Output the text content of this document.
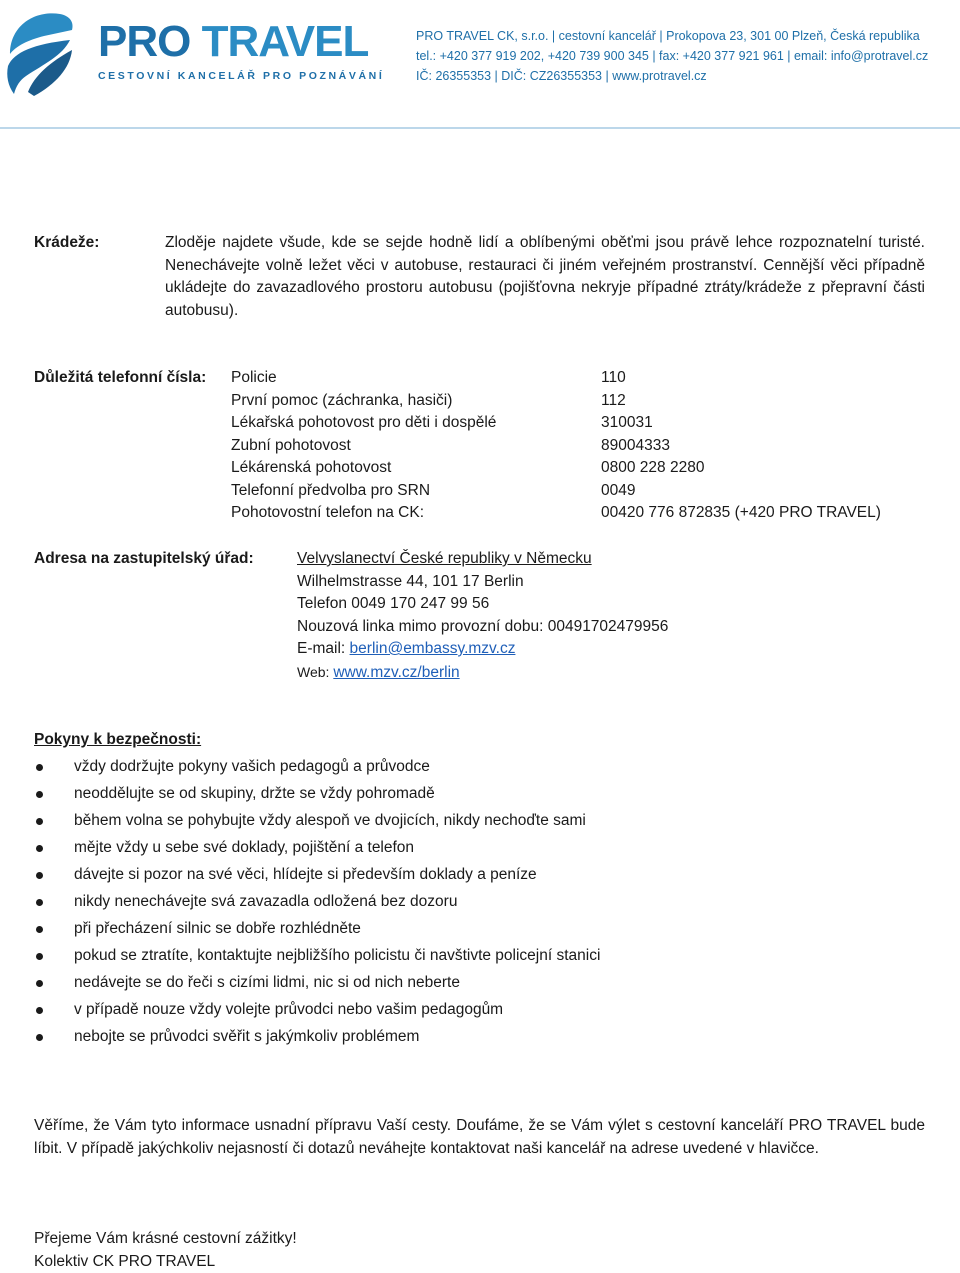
PRO TRAVEL
CESTOVNÍ KANCELÁŘ PRO POZNÁVÁNÍ
PRO TRAVEL CK, s.r.o. | cestovní kancelář | Prokopova 23, 301 00 Plzeň, Česká republika
tel.: +420 377 919 202, +420 739 900 345 | fax: +420 377 921 961 | email: info@protravel.cz
IČ: 26355353 | DIČ: CZ26355353 | www.protravel.cz
Krádeže:	Zloděje najdete všude, kde se sejde hodně lidí a oblíbenými oběťmi jsou právě lehce rozpoznatelní turisté. Nenechávejte volně ležet věci v autobuse, restauraci či jiném veřejném prostranství. Cennější věci případně ukládejte do zavazadlového prostoru autobusu (pojišťovna nekryje případné ztráty/krádeže z přepravní části autobusu).
Důležitá telefonní čísla: Policie	110
První pomoc (záchranka, hasiči)	112
Lékařská pohotovost pro děti i dospělé	310031
Zubní pohotovost	89004333
Lékárenská pohotovost	0800 228 2280
Telefonní předvolba pro SRN	0049
Pohotovostní telefon na CK:	00420 776 872835 (+420 PRO TRAVEL)
Adresa na zastupitelský úřad:	Velvyslanectví České republiky v Německu
Wilhelmstrasse 44, 101 17 Berlin
Telefon 0049 170 247 99 56
Nouzová linka mimo provozní dobu: 00491702479956
E-mail: berlin@embassy.mzv.cz
Web: www.mzv.cz/berlin
Pokyny k bezpečnosti:
vždy dodržujte pokyny vašich pedagogů a průvodce
neoddělujte se od skupiny, držte se vždy pohromadě
během volna se pohybujte vždy alespoň ve dvojicích, nikdy nechoďte sami
mějte vždy u sebe své doklady, pojištění a telefon
dávejte si pozor na své věci, hlídejte si především doklady a peníze
nikdy nenechávejte svá zavazadla odložená bez dozoru
při přecházení silnic se dobře rozhlédněte
pokud se ztratíte, kontaktujte nejbližšího policistu či navštivte policejní stanici
nedávejte se do řeči s cizími lidmi, nic si od nich neberte
v případě nouze vždy volejte průvodci nebo vašim pedagogům
nebojte se průvodci svěřit s jakýmkoliv problémem
Věříme, že Vám tyto informace usnadní přípravu Vaší cesty. Doufáme, že se Vám výlet s cestovní kanceláří PRO TRAVEL bude líbit. V případě jakýchkoliv nejasností či dotazů neváhejte kontaktovat naši kancelář na adrese uvedené v hlavičce.
Přejeme Vám krásné cestovní zážitky!
Kolektiv CK PRO TRAVEL
